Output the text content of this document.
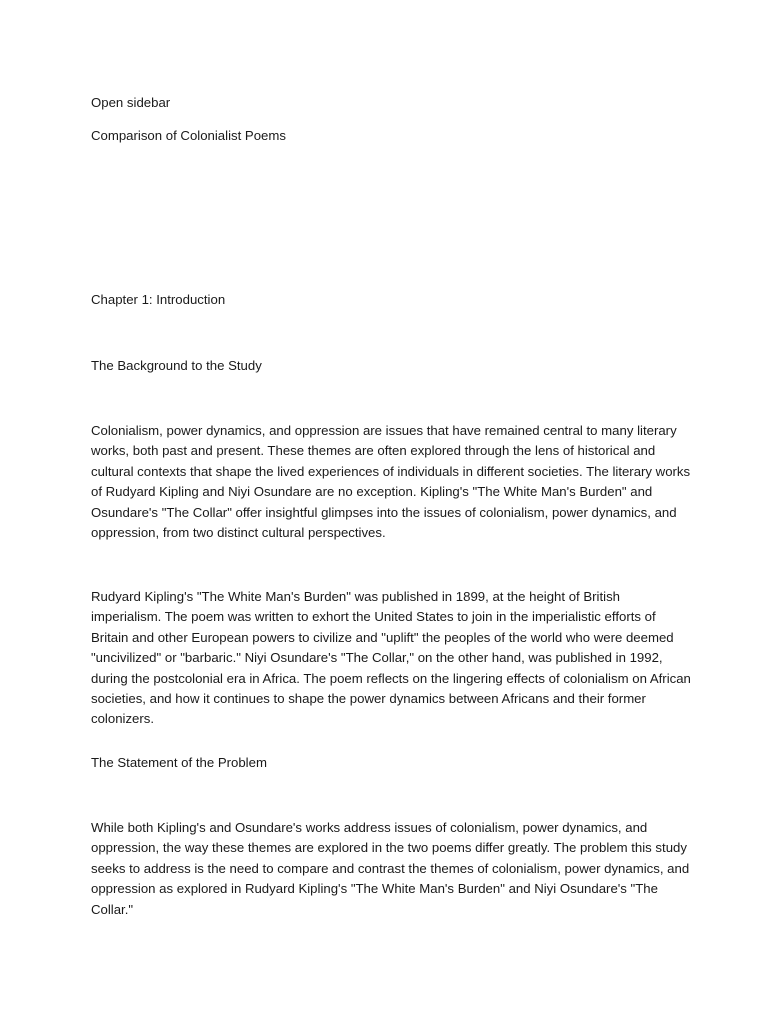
Open sidebar
Comparison of Colonialist Poems
Chapter 1: Introduction
The Background to the Study

Colonialism, power dynamics, and oppression are issues that have remained central to many literary works, both past and present. These themes are often explored through the lens of historical and cultural contexts that shape the lived experiences of individuals in different societies. The literary works of Rudyard Kipling and Niyi Osundare are no exception. Kipling's "The White Man's Burden" and Osundare's "The Collar" offer insightful glimpses into the issues of colonialism, power dynamics, and oppression, from two distinct cultural perspectives.

Rudyard Kipling's "The White Man's Burden" was published in 1899, at the height of British imperialism. The poem was written to exhort the United States to join in the imperialistic efforts of Britain and other European powers to civilize and "uplift" the peoples of the world who were deemed "uncivilized" or "barbaric." Niyi Osundare's "The Collar," on the other hand, was published in 1992, during the postcolonial era in Africa. The poem reflects on the lingering effects of colonialism on African societies, and how it continues to shape the power dynamics between Africans and their former colonizers.

The Statement of the Problem

While both Kipling's and Osundare's works address issues of colonialism, power dynamics, and oppression, the way these themes are explored in the two poems differ greatly. The problem this study seeks to address is the need to compare and contrast the themes of colonialism, power dynamics, and oppression as explored in Rudyard Kipling's "The White Man's Burden" and Niyi Osundare's "The Collar."
